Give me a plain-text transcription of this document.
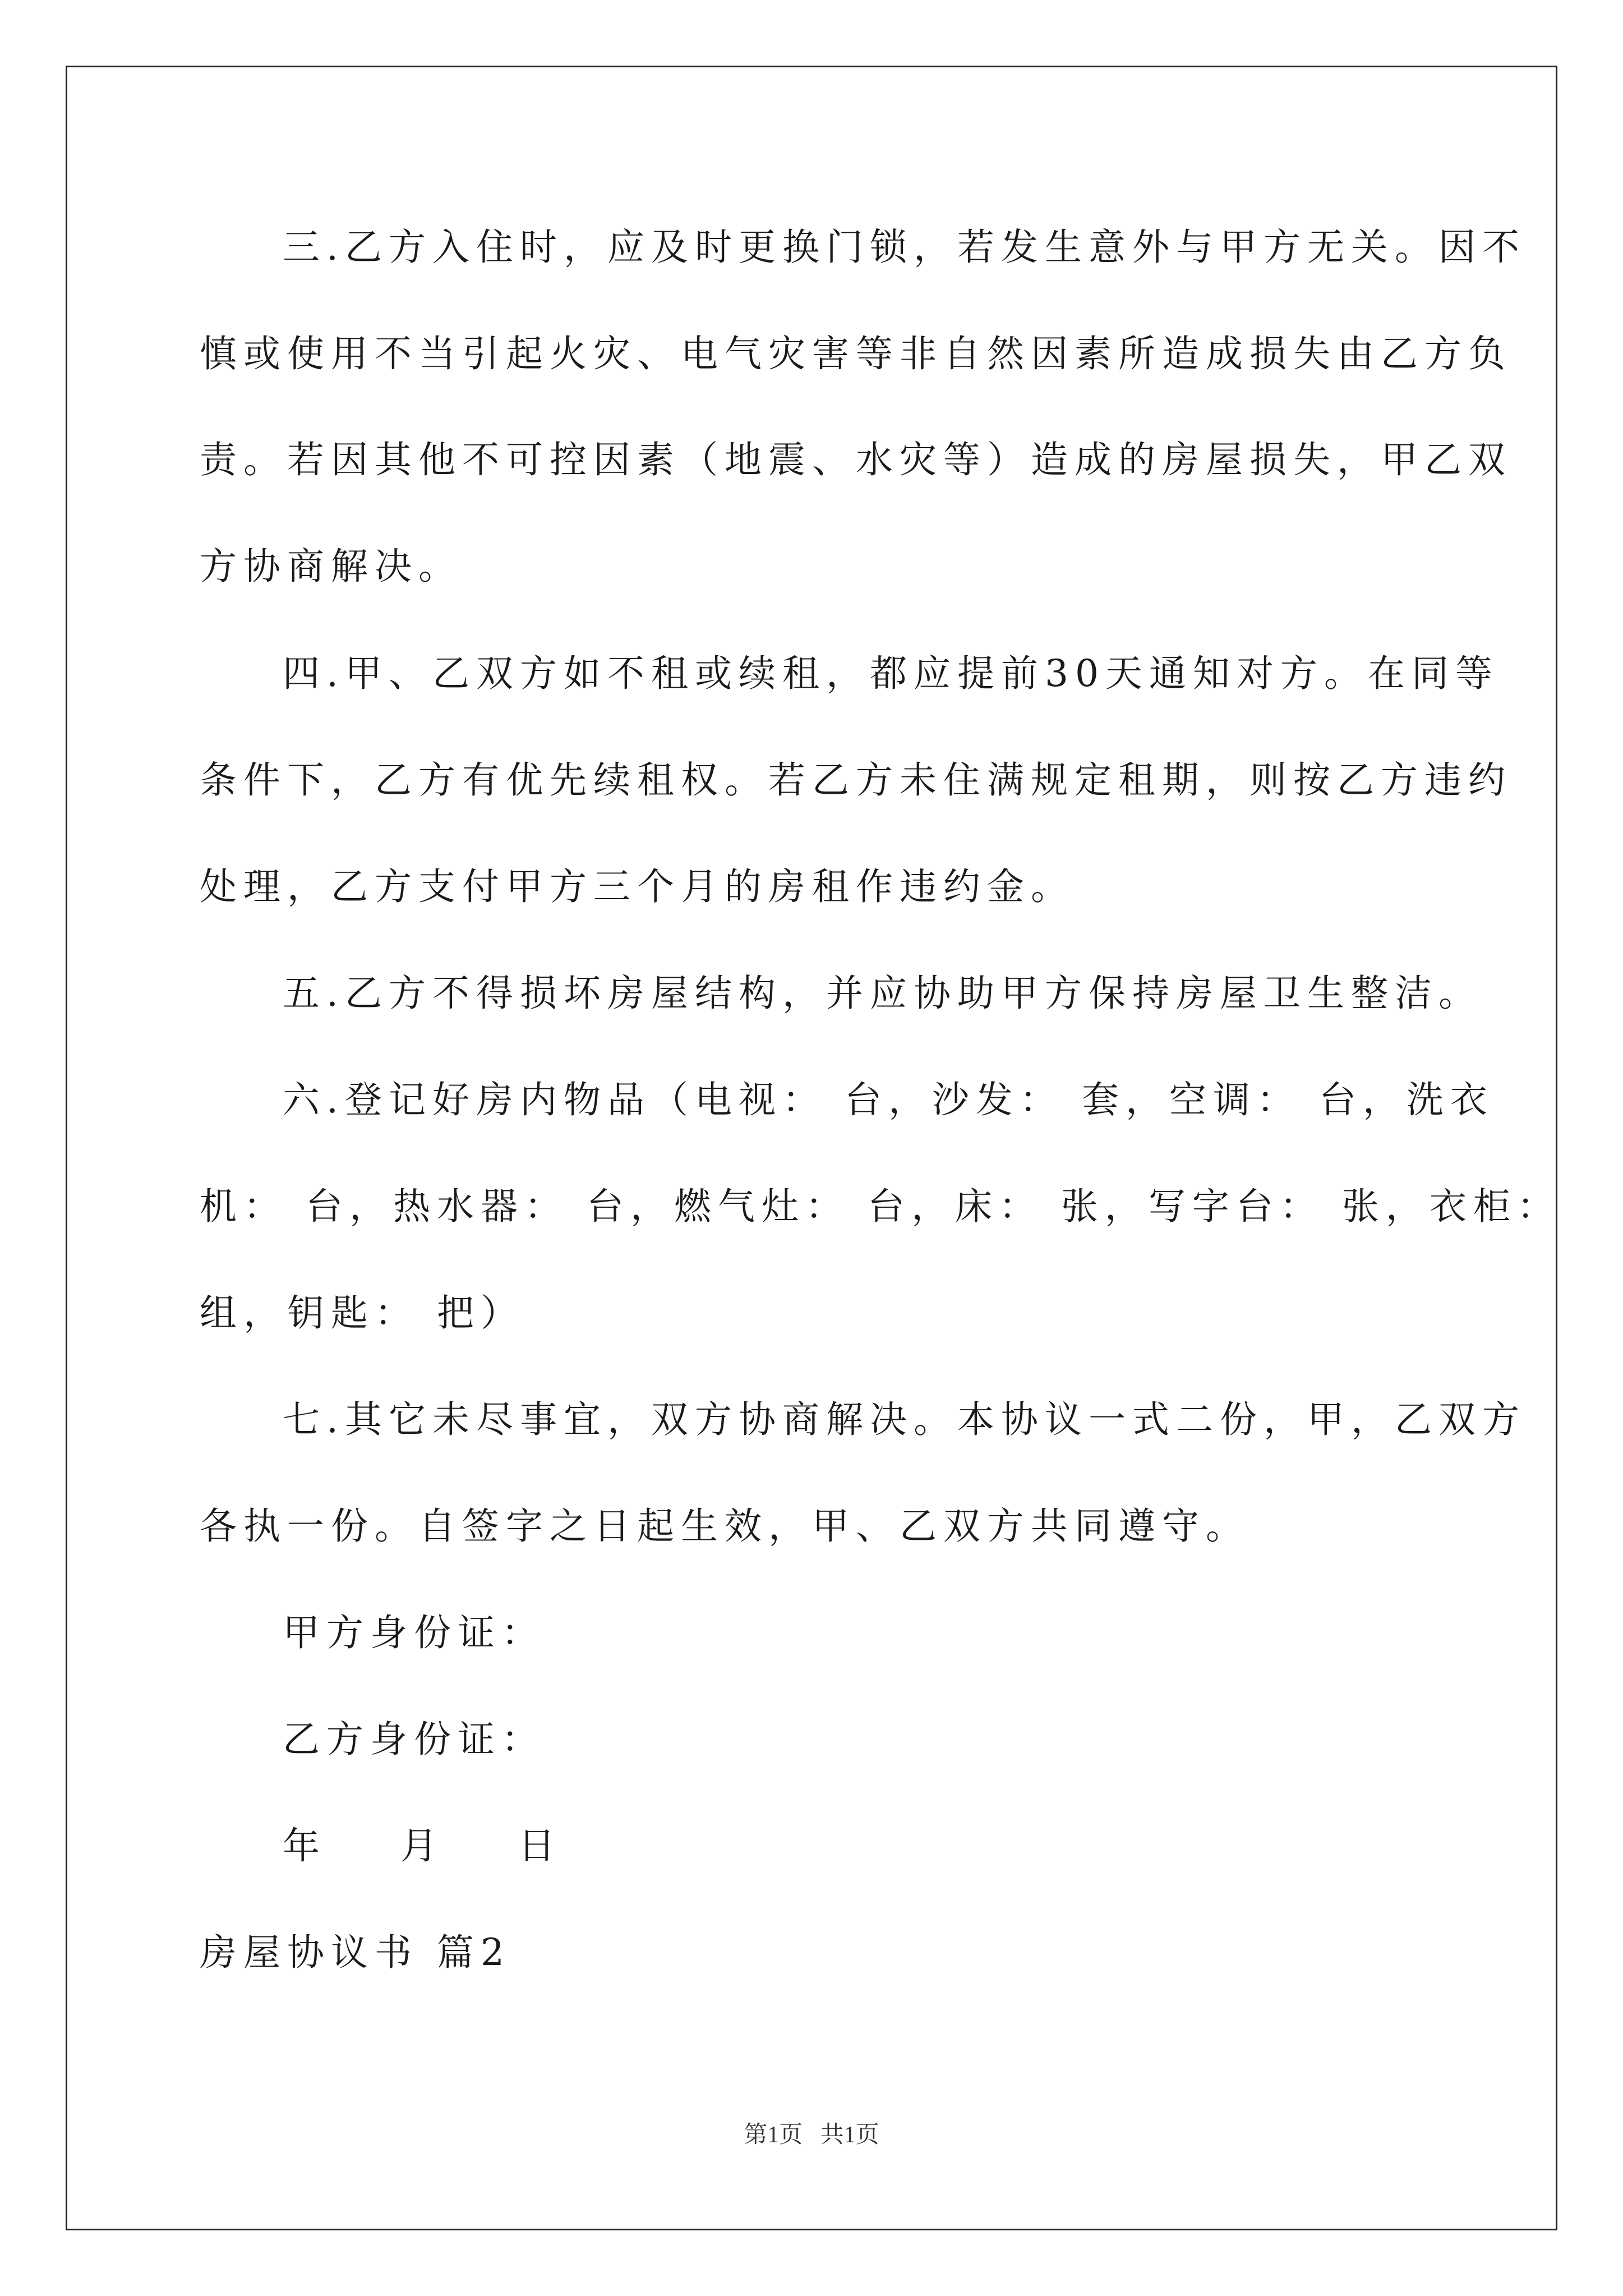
三.乙方入住时，应及时更换门锁，若发生意外与甲方无关。因不
慎或使用不当引起火灾、电气灾害等非自然因素所造成损失由乙方负
责。若因其他不可控因素（地震、水灾等）造成的房屋损失，甲乙双
方协商解决。
四.甲、乙双方如不租或续租，都应提前30天通知对方。在同等
条件下，乙方有优先续租权。若乙方未住满规定租期，则按乙方违约
处理，乙方支付甲方三个月的房租作违约金。
五.乙方不得损坏房屋结构，并应协助甲方保持房屋卫生整洁。
六.登记好房内物品（电视： 台，沙发： 套，空调： 台，洗衣
机： 台，热水器： 台，燃气灶： 台，床： 张，写字台： 张，衣柜：
组，钥匙： 把）
七.其它未尽事宜，双方协商解决。本协议一式二份，甲，乙双方
各执一份。自签字之日起生效，甲、乙双方共同遵守。
甲方身份证：
乙方身份证：
年    月    日
房屋协议书 篇2
第1页   共1页
